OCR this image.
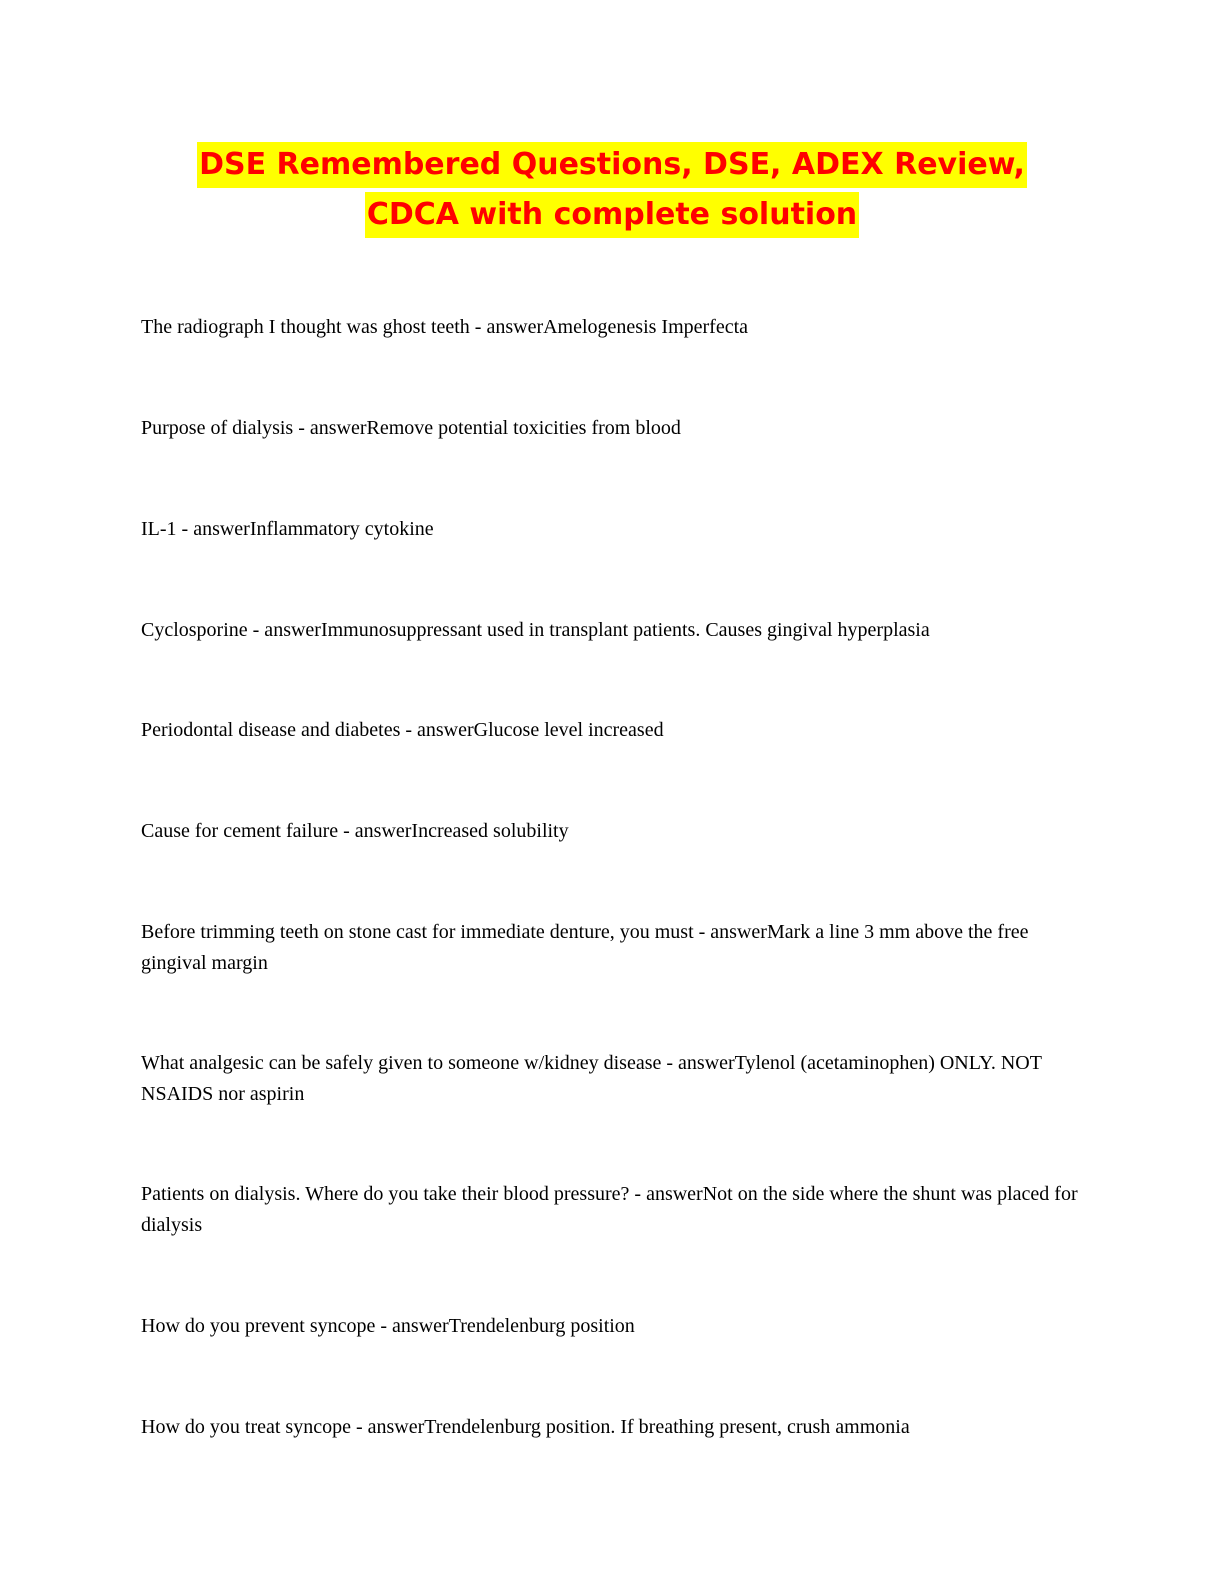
DSE Remembered Questions, DSE, ADEX Review,
CDCA with complete solution

The radiograph I thought was ghost teeth - answerAmelogenesis Imperfecta

Purpose of dialysis - answerRemove potential toxicities from blood

IL-1 - answerInflammatory cytokine

Cyclosporine - answerImmunosuppressant used in transplant patients. Causes gingival hyperplasia

Periodontal disease and diabetes - answerGlucose level increased

Cause for cement failure - answerIncreased solubility

Before trimming teeth on stone cast for immediate denture, you must - answerMark a line 3 mm above the free gingival margin

What analgesic can be safely given to someone w/kidney disease - answerTylenol (acetaminophen) ONLY. NOT NSAIDS nor aspirin

Patients on dialysis. Where do you take their blood pressure? - answerNot on the side where the shunt was placed for dialysis

How do you prevent syncope - answerTrendelenburg position

How do you treat syncope - answerTrendelenburg position. If breathing present, crush ammonia
